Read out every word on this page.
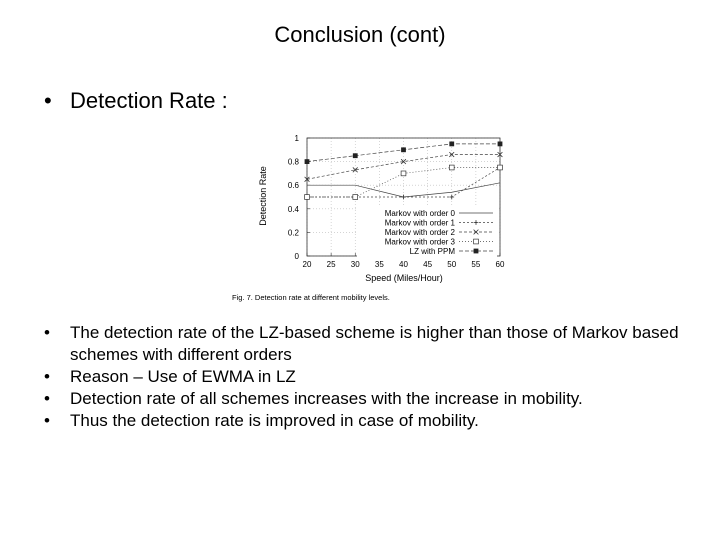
Conclusion (cont)
• Detection Rate :
20 25 30 35 40 45 50 55 60
0
0.2
0.4
0.6
0.8
1
Markov with order 0
Markov with order 1
Markov with order 2
Markov with order 3
LZ with PPM
Detection Rate
Speed (Miles/Hour)
Fig. 7. Detection rate at different mobility levels.
• The detection rate of the LZ-based scheme is higher than those of Markov based schemes with different orders
• Reason – Use of EWMA in LZ
• Detection rate of all schemes increases with the increase in mobility.
• Thus the detection rate is improved in case of mobility.
